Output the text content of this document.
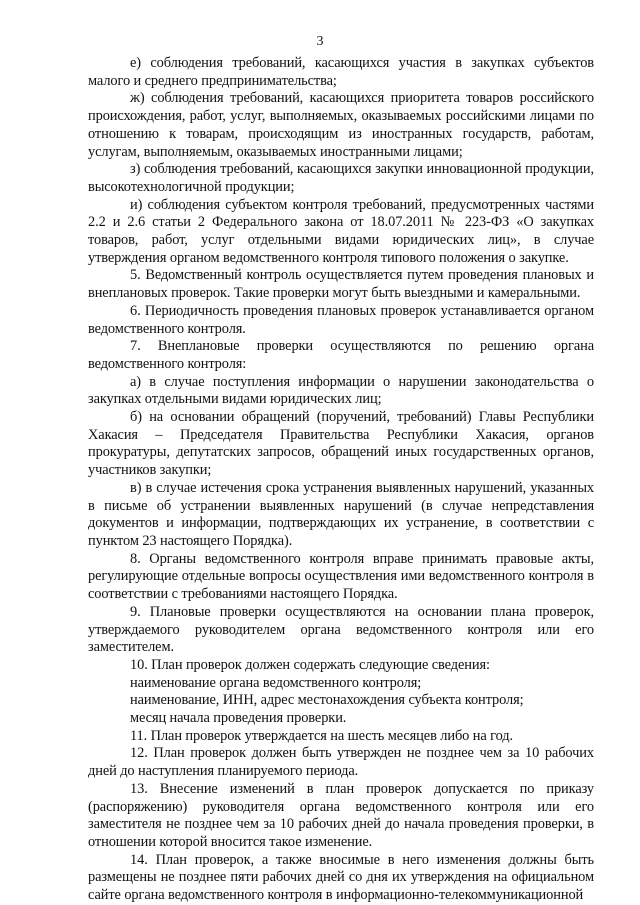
3

е) соблюдения требований, касающихся участия в закупках субъектов малого и среднего предпринимательства;

ж) соблюдения требований, касающихся приоритета товаров российского происхождения, работ, услуг, выполняемых, оказываемых российскими лицами по отношению к товарам, происходящим из иностранных государств, работам, услугам, выполняемым, оказываемых иностранными лицами;

з) соблюдения требований, касающихся закупки инновационной продукции, высокотехнологичной продукции;

и) соблюдения субъектом контроля требований, предусмотренных частями 2.2 и 2.6 статьи 2 Федерального закона от 18.07.2011 № 223-ФЗ «О закупках товаров, работ, услуг отдельными видами юридических лиц», в случае утверждения органом ведомственного контроля типового положения о закупке.

5. Ведомственный контроль осуществляется путем проведения плановых и внеплановых проверок. Такие проверки могут быть выездными и камеральными.

6. Периодичность проведения плановых проверок устанавливается органом ведомственного контроля.

7. Внеплановые проверки осуществляются по решению органа ведомственного контроля:

а) в случае поступления информации о нарушении законодательства о закупках отдельными видами юридических лиц;

б) на основании обращений (поручений, требований) Главы Республики Хакасия – Председателя Правительства Республики Хакасия, органов прокуратуры, депутатских запросов, обращений иных государственных органов, участников закупки;

в) в случае истечения срока устранения выявленных нарушений, указанных в письме об устранении выявленных нарушений (в случае непредставления документов и информации, подтверждающих их устранение, в соответствии с пунктом 23 настоящего Порядка).

8. Органы ведомственного контроля вправе принимать правовые акты, регулирующие отдельные вопросы осуществления ими ведомственного контроля в соответствии с требованиями настоящего Порядка.

9. Плановые проверки осуществляются на основании плана проверок, утверждаемого руководителем органа ведомственного контроля или его заместителем.

10. План проверок должен содержать следующие сведения:

наименование органа ведомственного контроля;

наименование, ИНН, адрес местонахождения субъекта контроля;

месяц начала проведения проверки.

11. План проверок утверждается на шесть месяцев либо на год.

12. План проверок должен быть утвержден не позднее чем за 10 рабочих дней до наступления планируемого периода.

13. Внесение изменений в план проверок допускается по приказу (распоряжению) руководителя органа ведомственного контроля или его заместителя не позднее чем за 10 рабочих дней до начала проведения проверки, в отношении которой вносится такое изменение.

14. План проверок, а также вносимые в него изменения должны быть размещены не позднее пяти рабочих дней со дня их утверждения на официальном сайте органа ведомственного контроля в информационно-телекоммуникационной
